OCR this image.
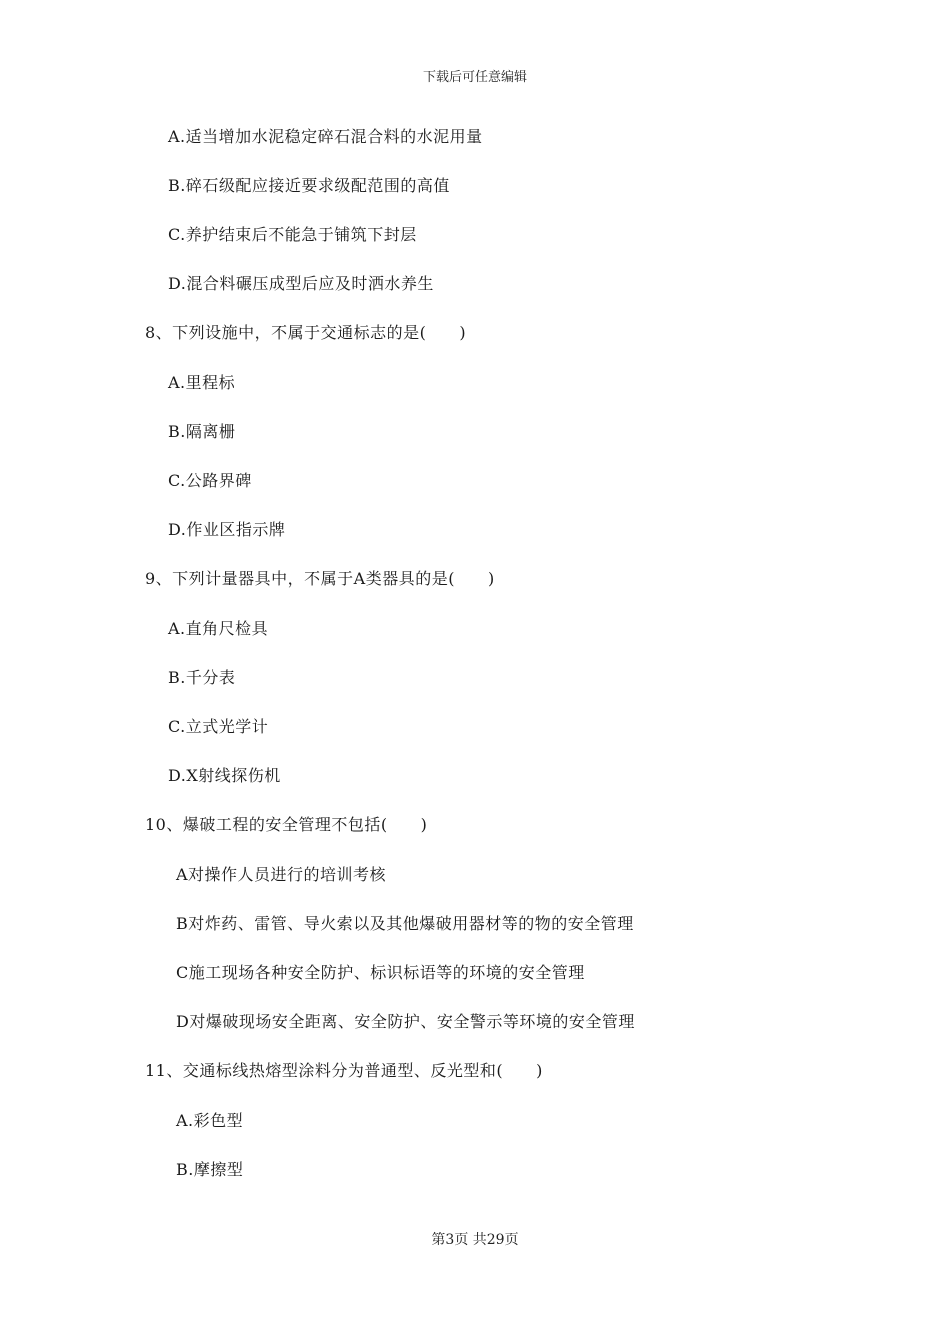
下载后可任意编辑
A.适当增加水泥稳定碎石混合料的水泥用量
B.碎石级配应接近要求级配范围的高值
C.养护结束后不能急于铺筑下封层
D.混合料碾压成型后应及时洒水养生
8、下列设施中，不属于交通标志的是(　　)
A.里程标
B.隔离栅
C.公路界碑
D.作业区指示牌
9、下列计量器具中，不属于A类器具的是(　　)
A.直角尺检具
B.千分表
C.立式光学计
D.X射线探伤机
10、爆破工程的安全管理不包括(　　)
A对操作人员进行的培训考核
B对炸药、雷管、导火索以及其他爆破用器材等的物的安全管理
C施工现场各种安全防护、标识标语等的环境的安全管理
D对爆破现场安全距离、安全防护、安全警示等环境的安全管理
11、交通标线热熔型涂料分为普通型、反光型和(　　)
A.彩色型
B.摩擦型
第3页 共29页
